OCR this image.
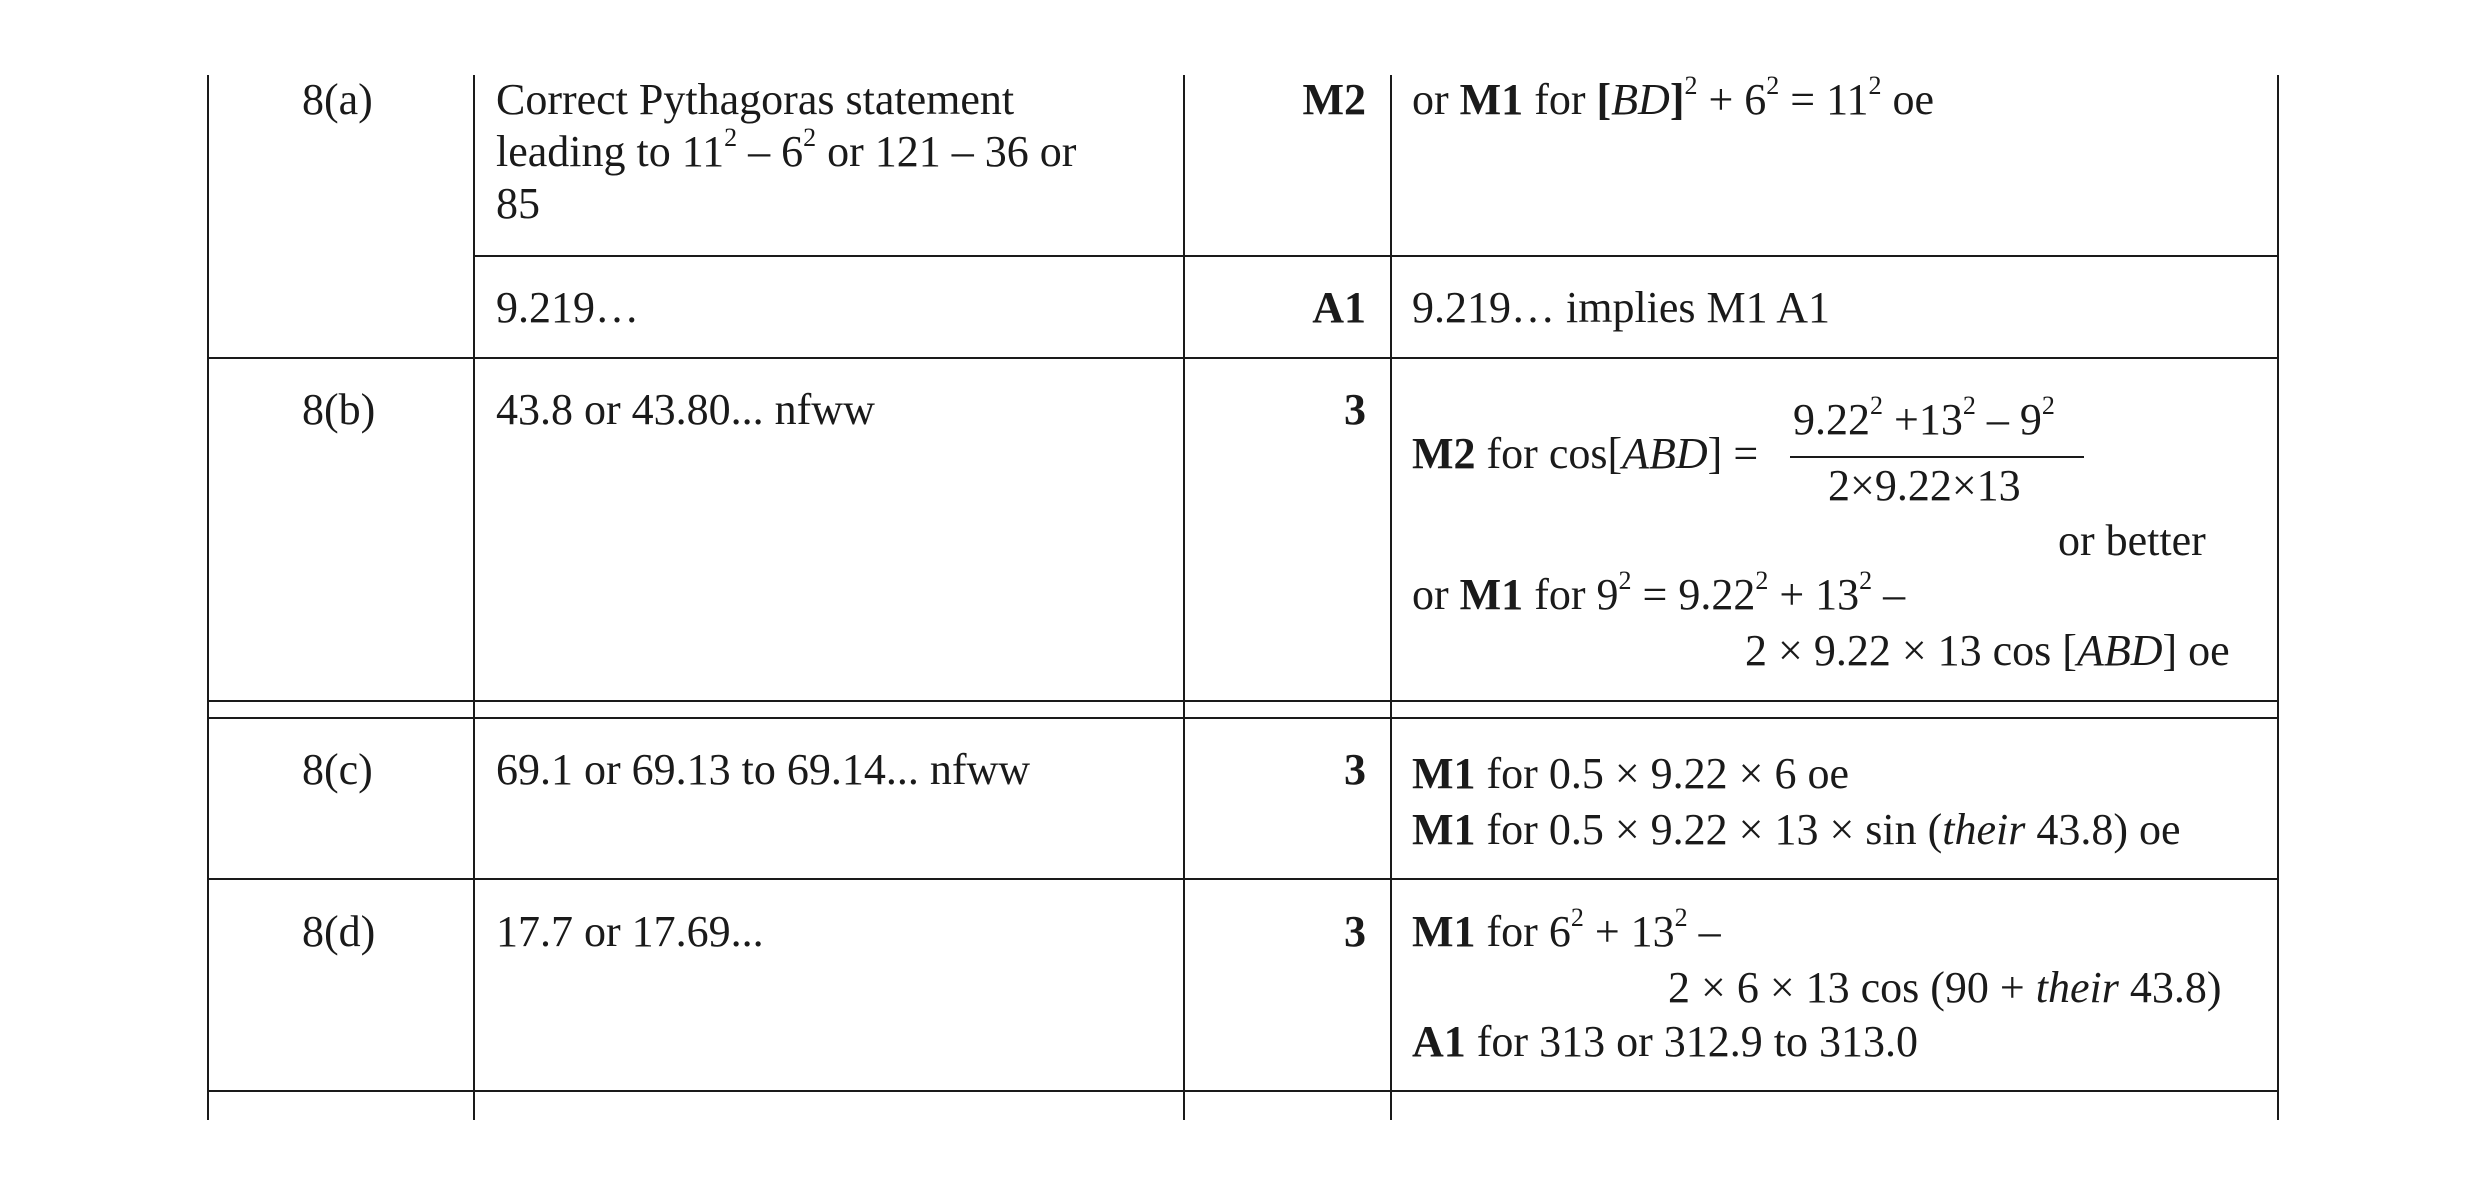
8(a)	Correct Pythagoras statement
leading to $11^2 - 6^2$ or 121 – 36 or
85
M2 or M1 for $[BD]^2 + 6^2 = 11^2$ oe
9.219…	A1 9.219… implies M1 A1
8(b)	43.8 or 43.80... nfww	3
M2 for cos[ABD] =
$9.22^2 +13^2 - 9^2$
2×9.22×13
or better
or M1 for $9^2 = 9.22^2 + 13^2$ –
2 × 9.22 × 13 cos [ABD] oe
8(c)	69.1 or 69.13 to 69.14... nfww	3 M1 for 0.5 × 9.22 × 6 oe
M1 for 0.5 × 9.22 × 13 × sin (their 43.8) oe
8(d)	17.7 or 17.69...	3 M1 for $6^2 + 13^2$ –
2 × 6 × 13 cos (90 + their 43.8)
A1 for 313 or 312.9 to 313.0
